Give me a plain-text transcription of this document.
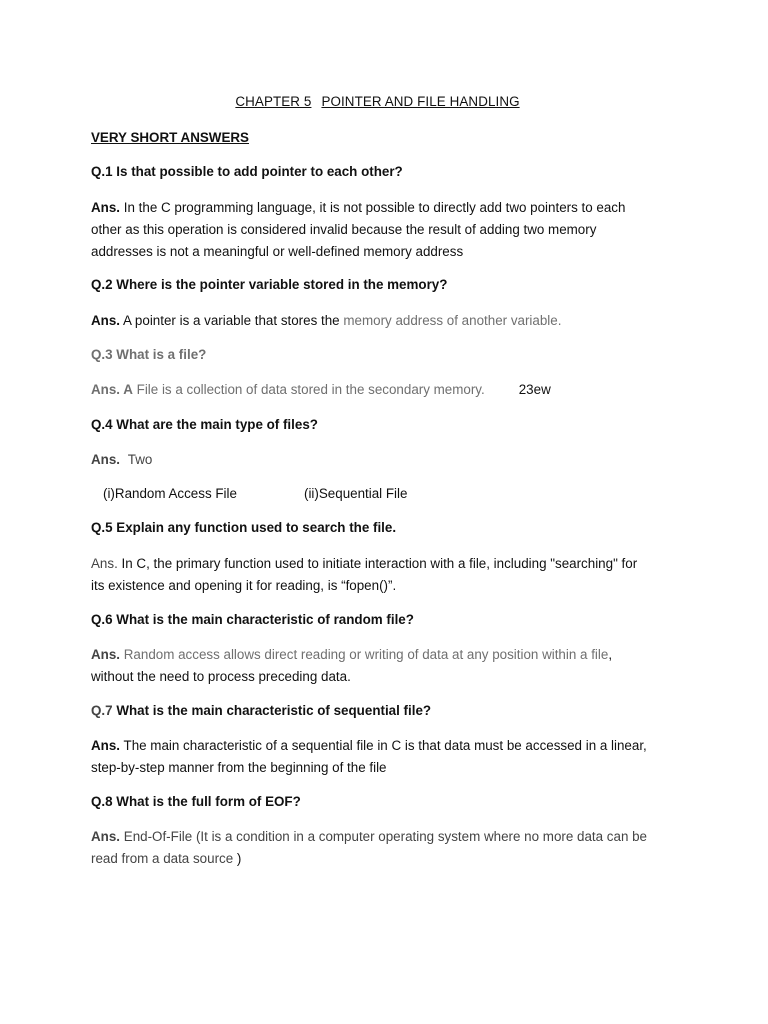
CHAPTER 5 POINTER AND FILE HANDLING
VERY SHORT ANSWERS
Q.1 Is that possible to add pointer to each other?
Ans. In the C programming language, it is not possible to directly add two pointers to each
other as this operation is considered invalid because the result of adding two memory
addresses is not a meaningful or well-defined memory address
Q.2 Where is the pointer variable stored in the memory?
Ans. A pointer is a variable that stores the memory address of another variable.
Q.3 What is a file?
Ans. A File is a collection of data stored in the secondary memory.	23ew
Q.4 What are the main type of files?
Ans. Two
(i)Random Access File	(ii)Sequential File
Q.5 Explain any function used to search the file.
Ans. In C, the primary function used to initiate interaction with a file, including "searching" for
its existence and opening it for reading, is “fopen()”.
Q.6 What is the main characteristic of random file?
Ans. Random access allows direct reading or writing of data at any position within a file,
without the need to process preceding data.
Q.7 What is the main characteristic of sequential file?
Ans. The main characteristic of a sequential file in C is that data must be accessed in a linear,
step-by-step manner from the beginning of the file
Q.8 What is the full form of EOF?
Ans. End-Of-File (It is a condition in a computer operating system where no more data can be
read from a data source )
